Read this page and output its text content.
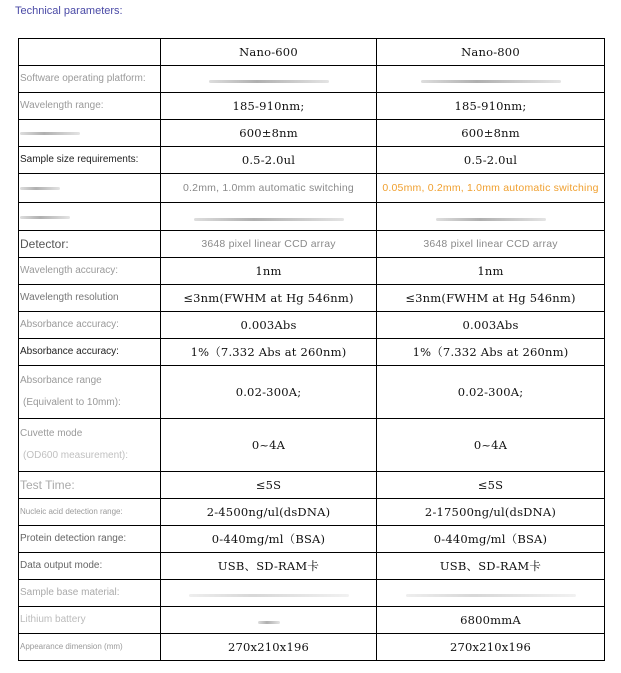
Technical parameters:
	Nano-600	Nano-800
Software operating platform:		
Wavelength range:	185-910nm;	185-910nm;
	600±8nm	600±8nm
Sample size requirements:	0.5-2.0ul	0.5-2.0ul
	0.2mm, 1.0mm automatic switching	0.05mm, 0.2mm, 1.0mm automatic switching

Detector:	3648 pixel linear CCD array	3648 pixel linear CCD array
Wavelength accuracy:	1nm	1nm
Wavelength resolution	≤3nm(FWHM at Hg 546nm)	≤3nm(FWHM at Hg 546nm)
Absorbance accuracy:	0.003Abs	0.003Abs
Absorbance accuracy:	1%（7.332 Abs at 260nm)	1%（7.332 Abs at 260nm)
Absorbance range
(Equivalent to 10mm):	0.02-300A;	0.02-300A;
Cuvette mode
(OD600 measurement):	0~4A	0~4A
Test Time:	≤5S	≤5S
Nucleic acid detection range:	2-4500ng/ul(dsDNA)	2-17500ng/ul(dsDNA)
Protein detection range:	0-440mg/ml（BSA)	0-440mg/ml（BSA)
Data output mode:	USB、SD-RAM卡	USB、SD-RAM卡
Sample base material:		
Lithium battery		6800mmA
Appearance dimension (mm)	270x210x196	270x210x196
